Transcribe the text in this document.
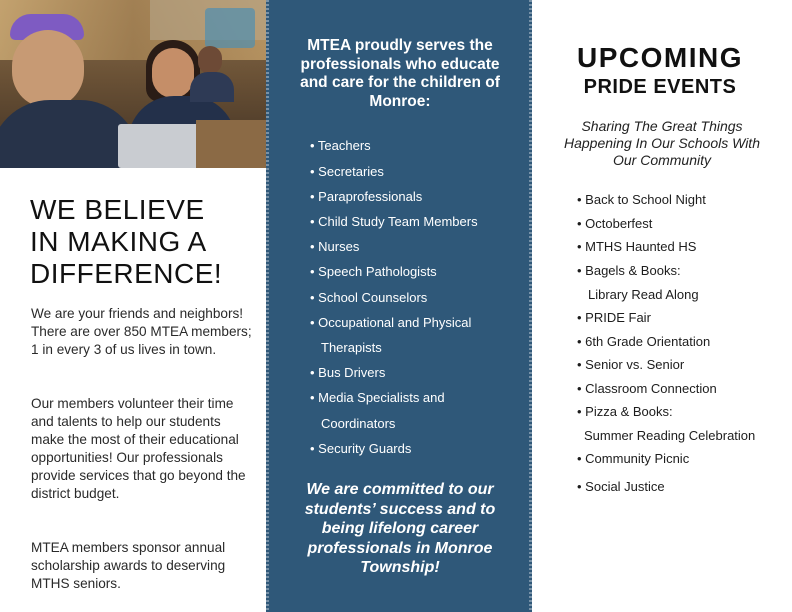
WE BELIEVE
IN MAKING A
DIFFERENCE!

We are your friends and neighbors! There are over 850 MTEA members; 1 in every 3 of us lives in town.

Our members volunteer their time and talents to help our students make the most of their educational opportunities! Our professionals provide services that go beyond the district budget.

MTEA members sponsor annual scholarship awards to deserving MTHS seniors.

MTEA proudly serves the professionals who educate and care for the children of Monroe:

• Teachers
• Secretaries
• Paraprofessionals
• Child Study Team Members
• Nurses
• Speech Pathologists
• School Counselors
• Occupational and Physical
Therapists
• Bus Drivers
• Media Specialists and
Coordinators
• Security Guards

We are committed to our students’ success and to being lifelong career professionals in Monroe Township!

UPCOMING
PRIDE EVENTS

Sharing The Great Things Happening In Our Schools With Our Community

• Back to School Night
• Octoberfest
• MTHS Haunted HS
• Bagels & Books:
Library Read Along
• PRIDE Fair
• 6th Grade Orientation
• Senior vs. Senior
• Classroom Connection
• Pizza & Books:
Summer Reading Celebration
• Community Picnic
• Social Justice
